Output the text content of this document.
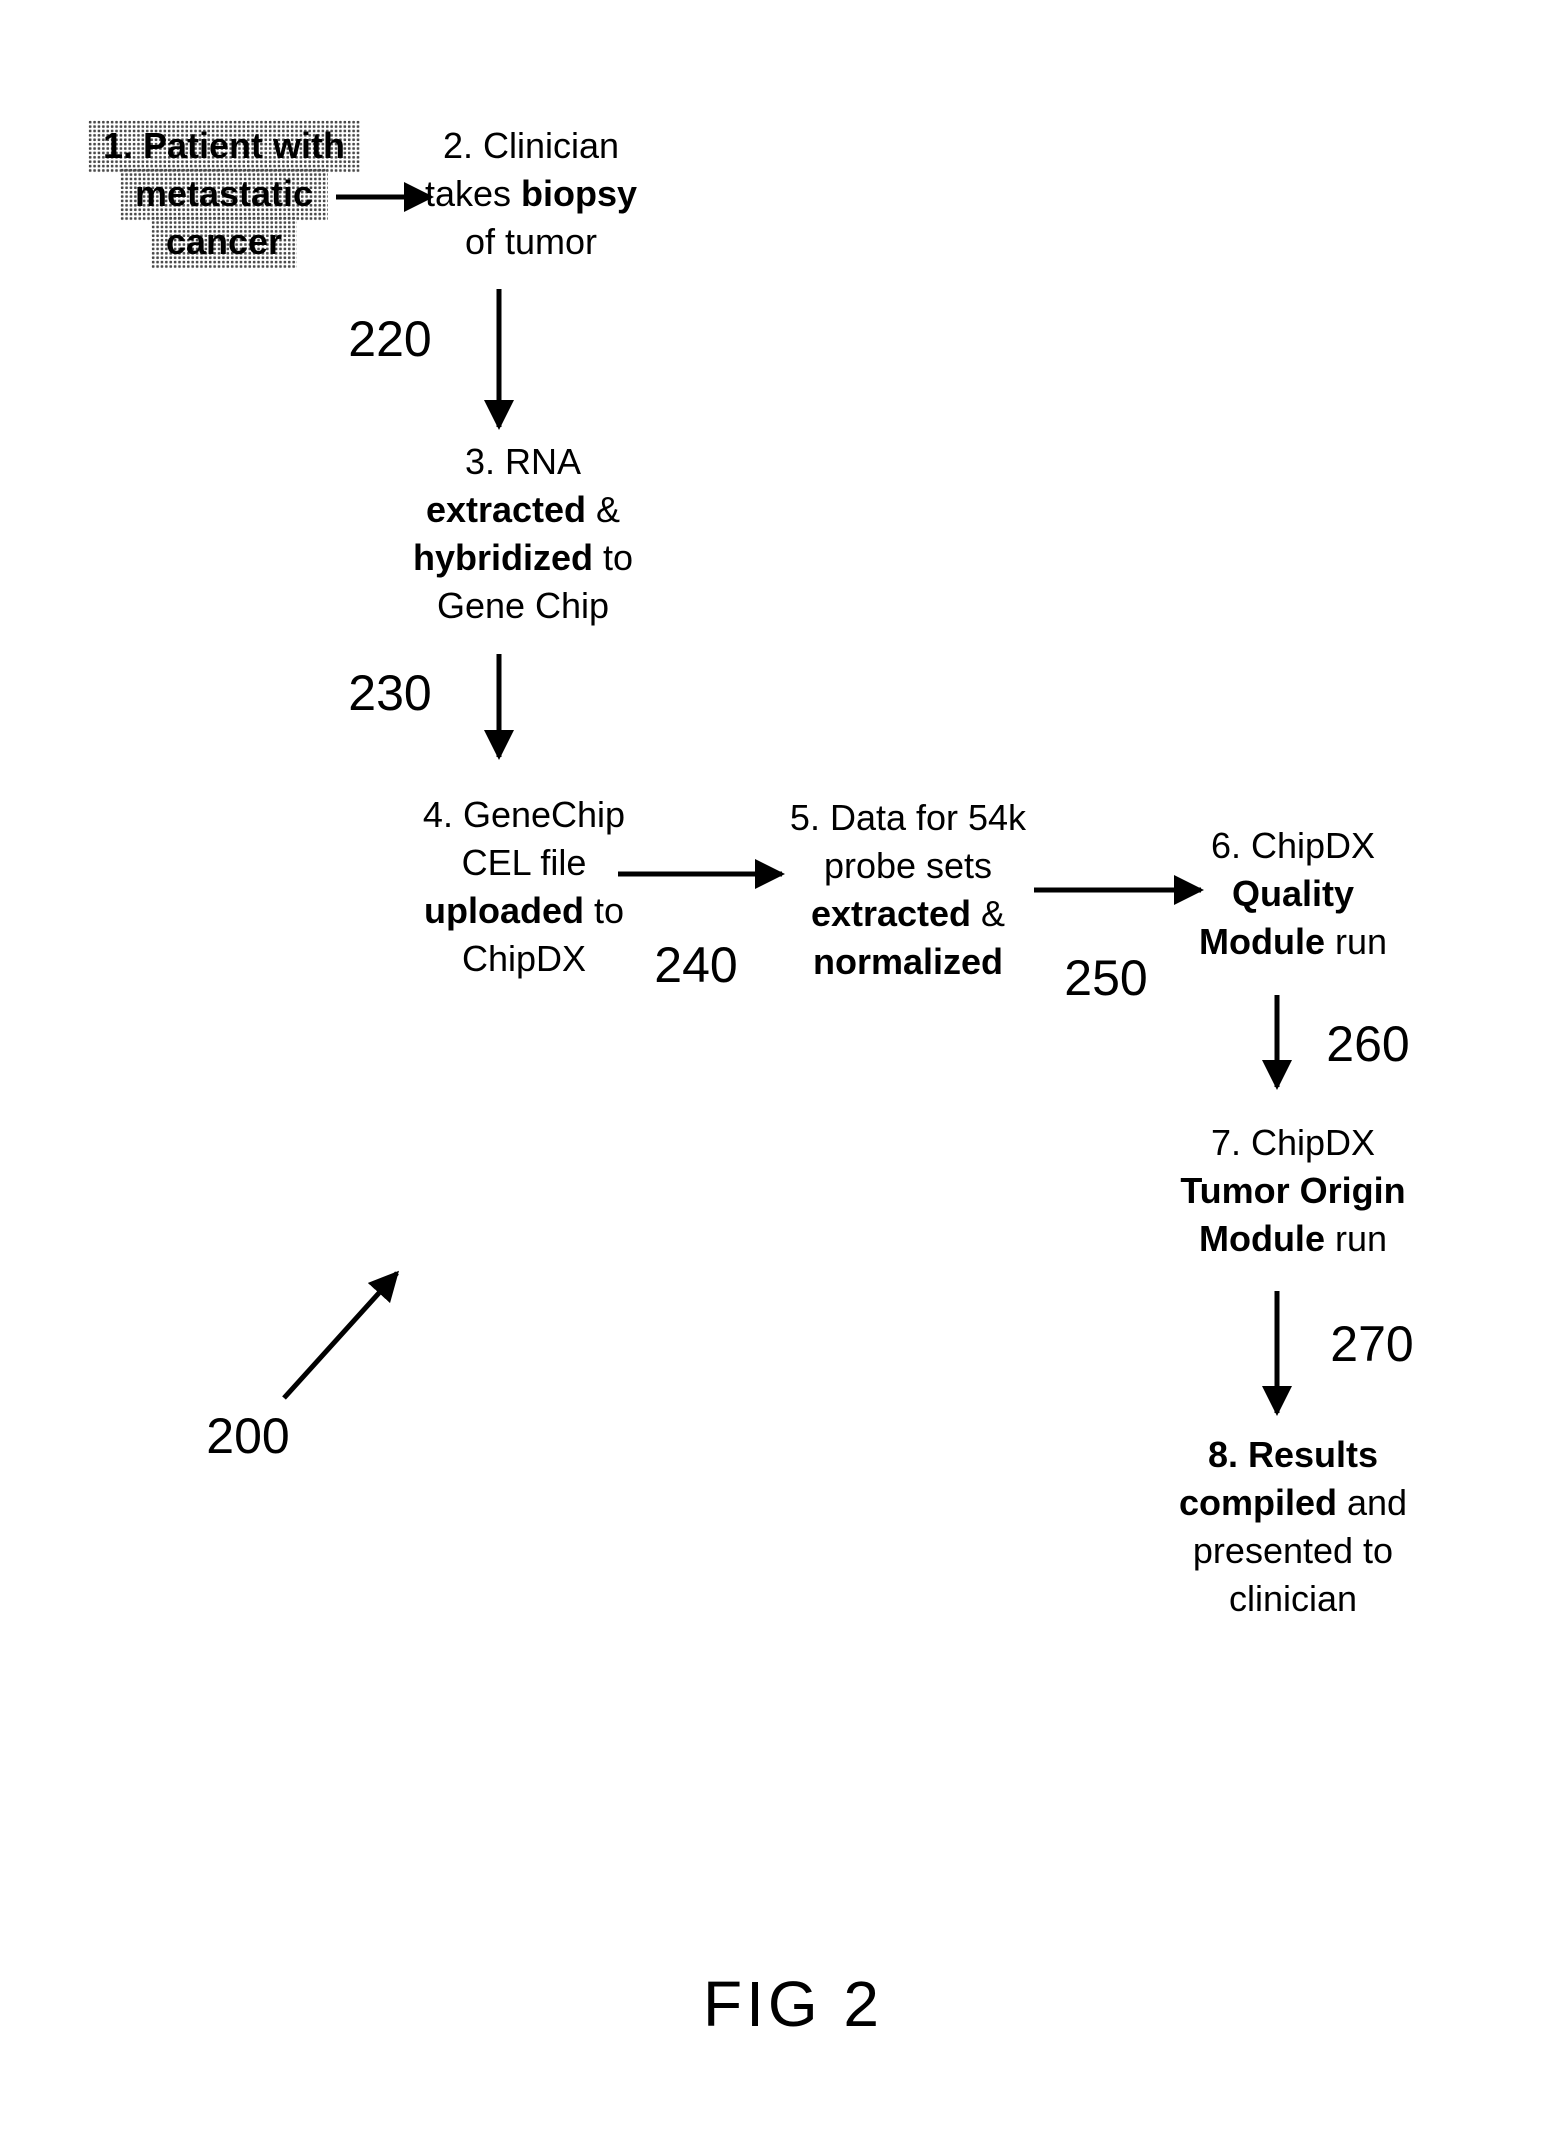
1. Patient with
metastatic
cancer
2. Clinician
takes biopsy
of tumor
3. RNA
extracted &
hybridized to
Gene Chip
4. GeneChip
CEL file
uploaded to
ChipDX
5. Data for 54k
probe sets
extracted &
normalized
6. ChipDX
Quality
Module run
7. ChipDX
Tumor Origin
Module run
8. Results
compiled and
presented to
clinician
220
230
240	250
260
270
200
FIG 2
